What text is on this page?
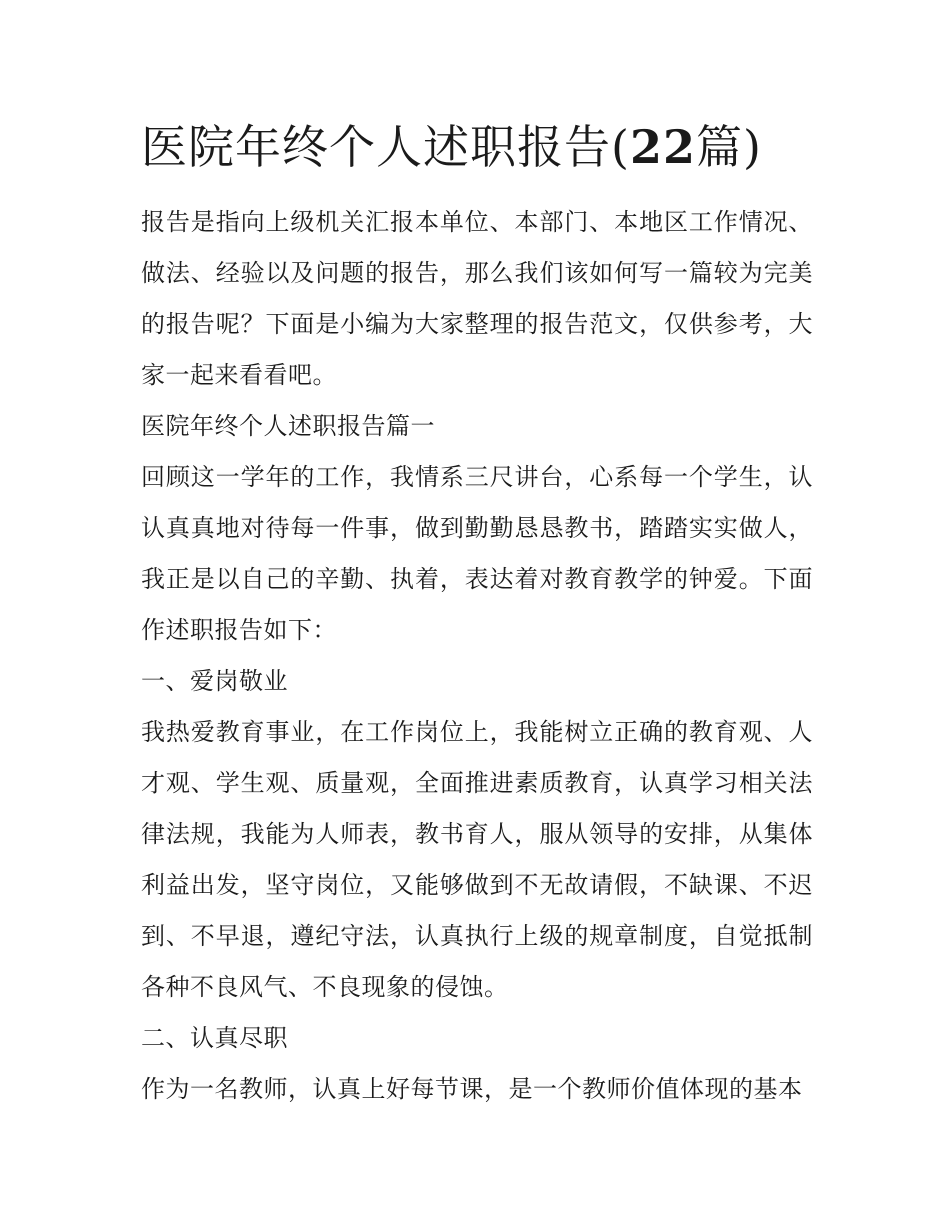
医院年终个人述职报告(22篇)

报告是指向上级机关汇报本单位、本部门、本地区工作情况、做法、经验以及问题的报告，那么我们该如何写一篇较为完美的报告呢？下面是小编为大家整理的报告范文，仅供参考，大家一起来看看吧。

医院年终个人述职报告篇一

回顾这一学年的工作，我情系三尺讲台，心系每一个学生，认认真真地对待每一件事，做到勤勤恳恳教书，踏踏实实做人，我正是以自己的辛勤、执着，表达着对教育教学的钟爱。下面作述职报告如下：

一、爱岗敬业

我热爱教育事业，在工作岗位上，我能树立正确的教育观、人才观、学生观、质量观，全面推进素质教育，认真学习相关法律法规，我能为人师表，教书育人，服从领导的安排，从集体利益出发，坚守岗位，又能够做到不无故请假，不缺课、不迟到、不早退，遵纪守法，认真执行上级的规章制度，自觉抵制各种不良风气、不良现象的侵蚀。

二、认真尽职

作为一名教师，认真上好每节课，是一个教师价值体现的基本
